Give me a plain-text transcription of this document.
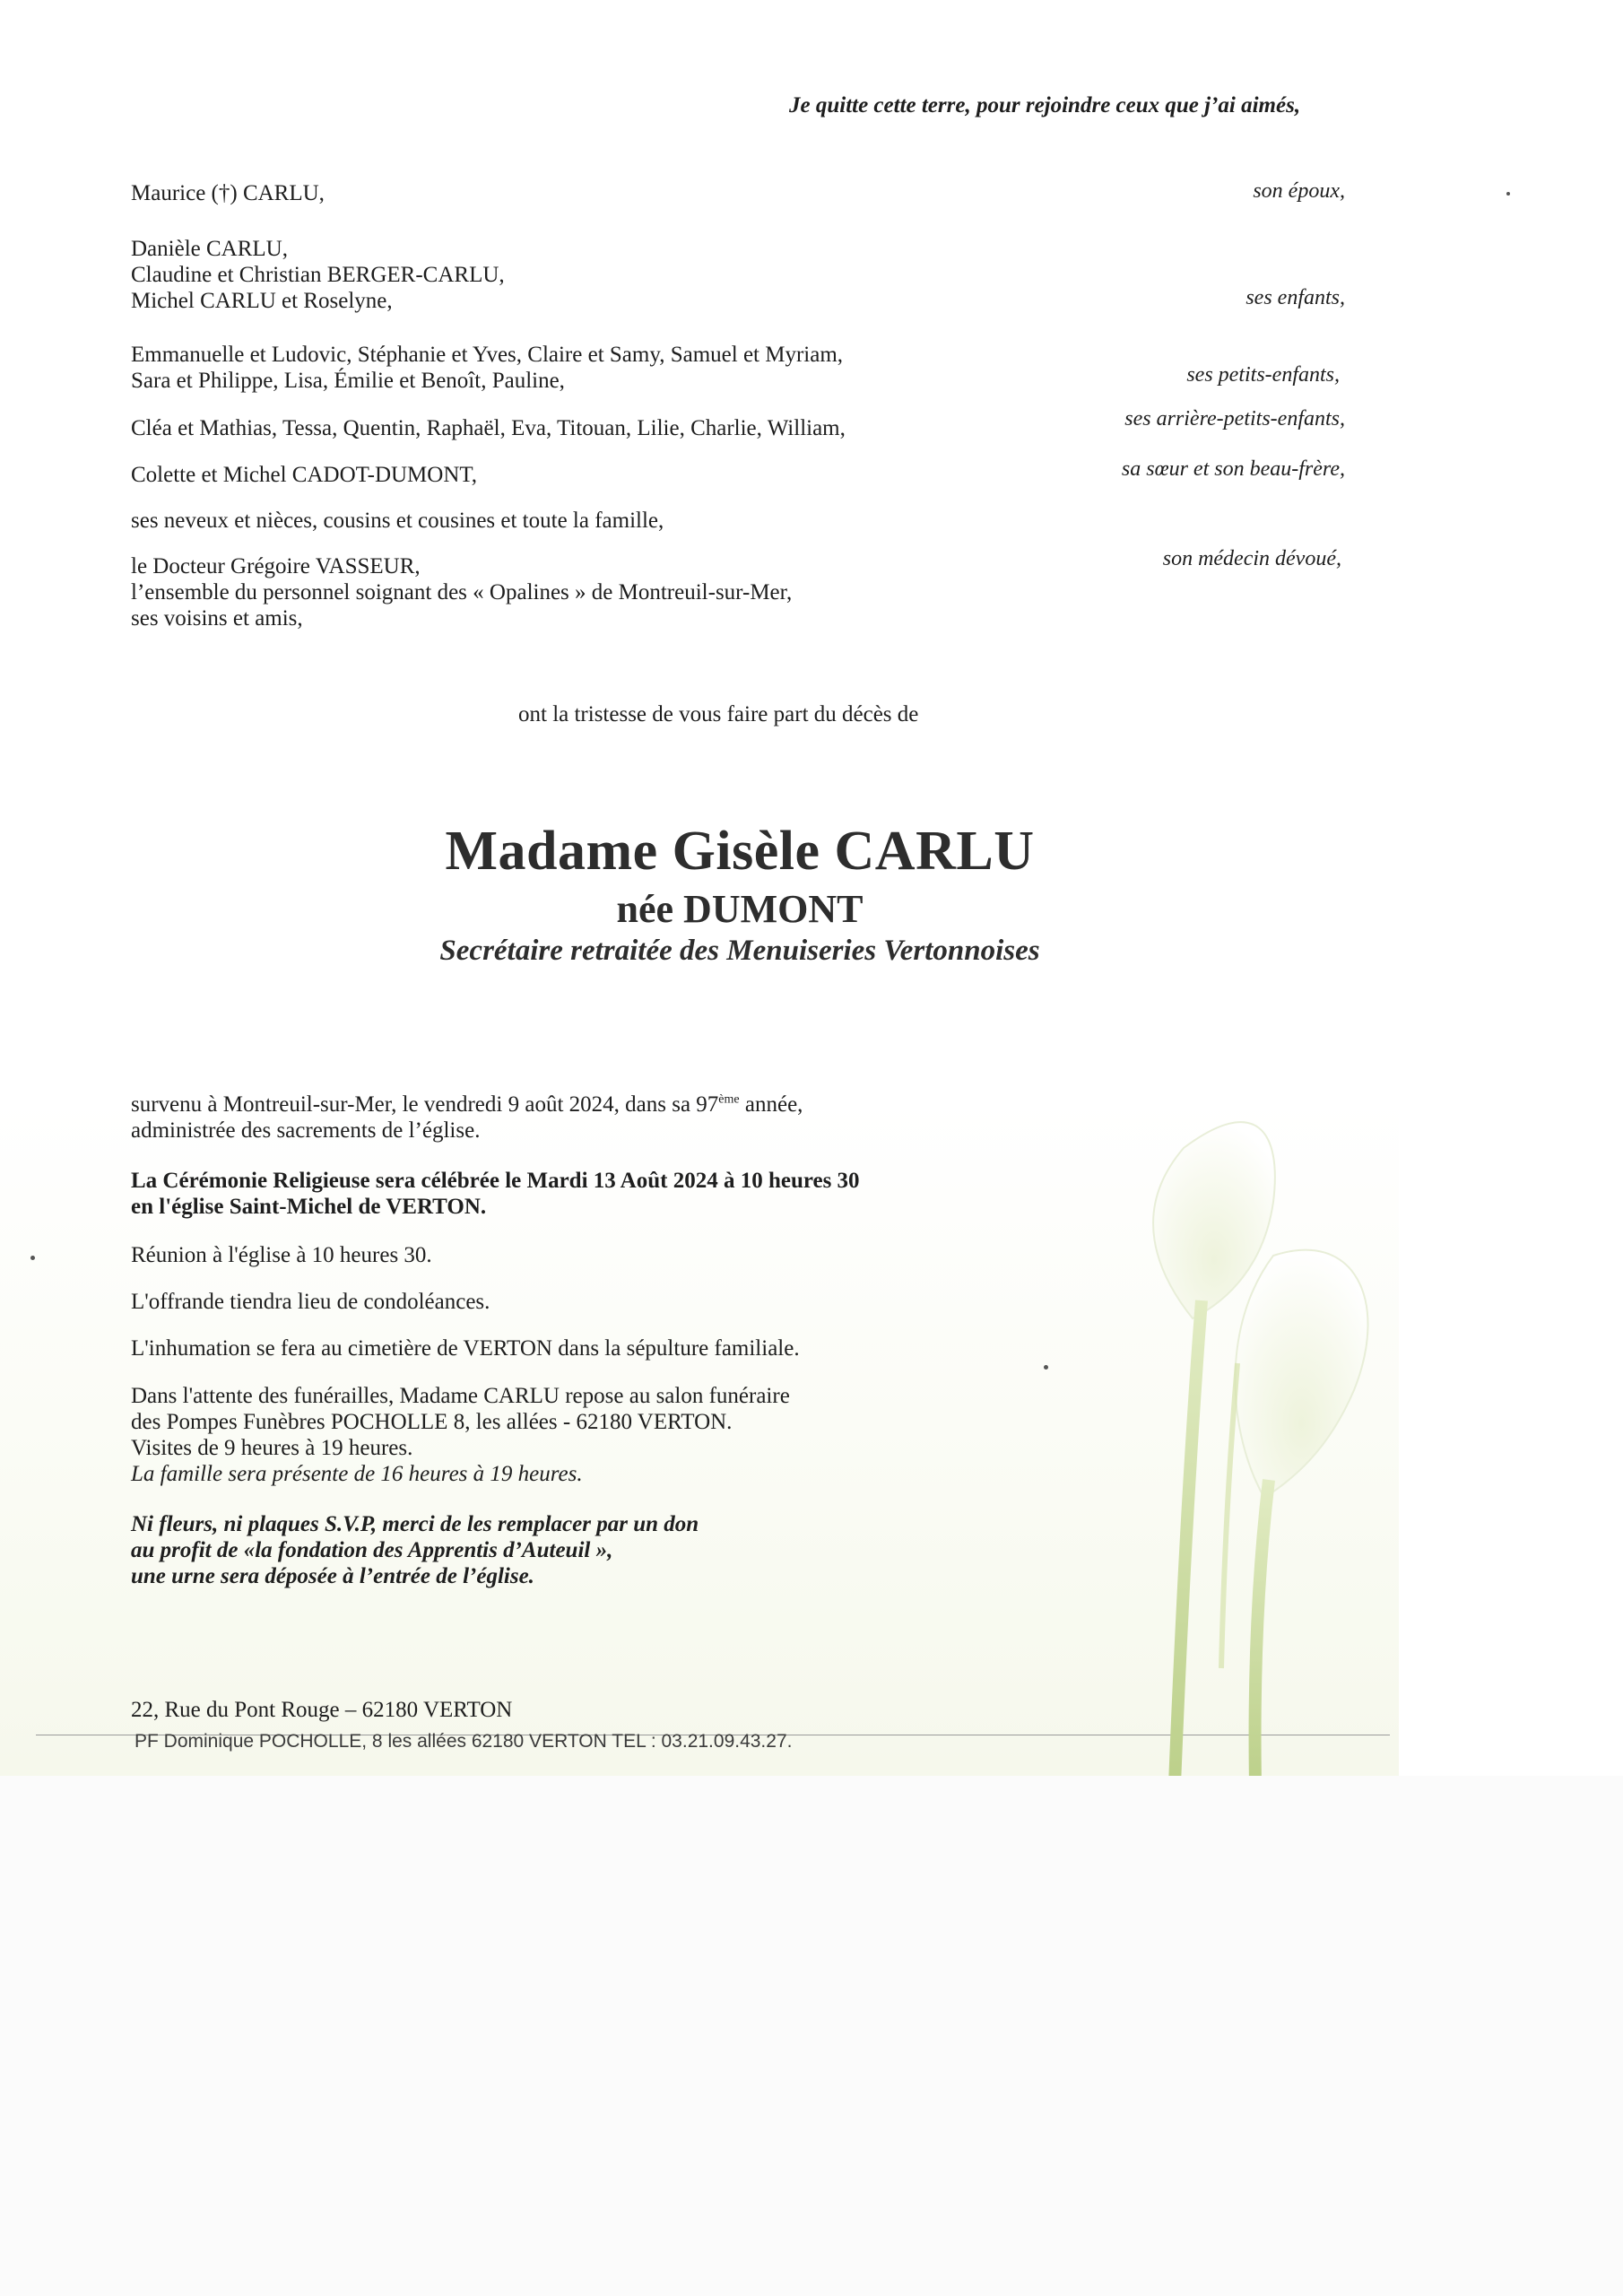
Je quitte cette terre, pour rejoindre ceux que j’ai aimés,
Maurice (†) CARLU,
Danièle CARLU,
Claudine et Christian BERGER-CARLU,
Michel CARLU et Roselyne,
Emmanuelle et Ludovic, Stéphanie et Yves, Claire et Samy, Samuel et Myriam,
Sara et Philippe, Lisa, Émilie et Benoît, Pauline,
Cléa et Mathias, Tessa, Quentin, Raphaël, Eva, Titouan, Lilie, Charlie, William,
Colette et Michel CADOT-DUMONT,
ses neveux et nièces, cousins et cousines et toute la famille,
le Docteur Grégoire VASSEUR,
l’ensemble du personnel soignant des « Opalines » de Montreuil-sur-Mer,
ses voisins et amis,
son époux,
ses enfants,
ses petits-enfants,
ses arrière-petits-enfants,
sa sœur et son beau-frère,
son médecin dévoué,
ont la tristesse de vous faire part du décès de
Madame Gisèle CARLU
née DUMONT
Secrétaire retraitée des Menuiseries Vertonnoises
survenu à Montreuil-sur-Mer, le vendredi 9 août 2024, dans sa 97ème année,
administrée des sacrements de l’église.
La Cérémonie Religieuse sera célébrée le Mardi 13 Août 2024 à 10 heures 30
en l'église Saint-Michel de VERTON.
Réunion à l'église à 10 heures 30.
L'offrande tiendra lieu de condoléances.
L'inhumation se fera au cimetière de VERTON dans la sépulture familiale.
Dans l'attente des funérailles, Madame CARLU repose au salon funéraire
des Pompes Funèbres POCHOLLE 8, les allées - 62180 VERTON.
Visites de 9 heures à 19 heures.
La famille sera présente de 16 heures à 19 heures.
Ni fleurs, ni plaques S.V.P, merci de les remplacer par un don
au profit de «la fondation des Apprentis d’Auteuil »,
une urne sera déposée à l’entrée de l’église.
22, Rue du Pont Rouge – 62180 VERTON
PF Dominique POCHOLLE, 8 les allées 62180 VERTON TEL : 03.21.09.43.27.
